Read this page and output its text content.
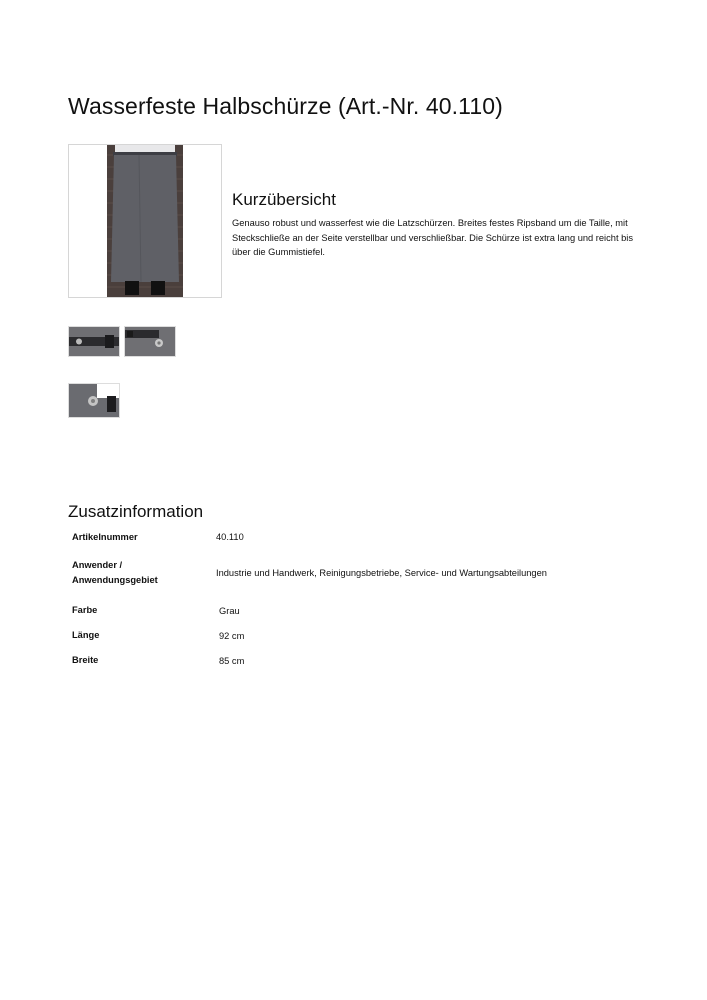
Wasserfeste Halbschürze (Art.-Nr. 40.110)
Kurzübersicht

Genauso robust und wasserfest wie die Latzschürzen. Breites festes Ripsband um die Taille, mit Steckschließe an der Seite verstellbar und verschließbar. Die Schürze ist extra lang und reicht bis über die Gummistiefel.

Zusatzinformation
Artikelnummer	40.110

Anwender /
Anwendungsgebiet	Industrie und Handwerk, Reinigungsbetriebe, Service- und Wartungsabteilungen
Farbe	Grau
Länge	92 cm
Breite	85 cm
